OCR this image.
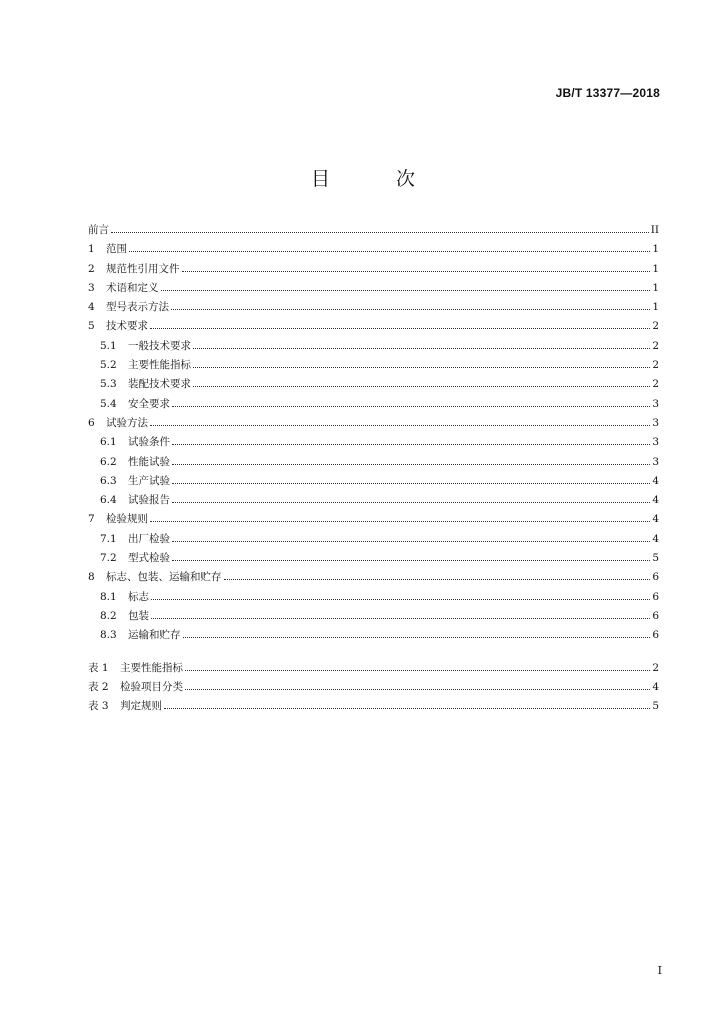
JB/T 13377—2018
目 次
前言	II
1	范围	1
2	规范性引用文件	1
3	术语和定义	1
4	型号表示方法	1
5	技术要求	2
5.1	一般技术要求	2
5.2	主要性能指标	2
5.3	装配技术要求	2
5.4	安全要求	3
6	试验方法	3
6.1	试验条件	3
6.2	性能试验	3
6.3	生产试验	4
6.4	试验报告	4
7	检验规则	4
7.1	出厂检验	4
7.2	型式检验	5
8	标志、包装、运输和贮存	6
8.1	标志	6
8.2	包装	6
8.3	运输和贮存	6
表 1	主要性能指标	2
表 2	检验项目分类	4
表 3	判定规则	5
I
